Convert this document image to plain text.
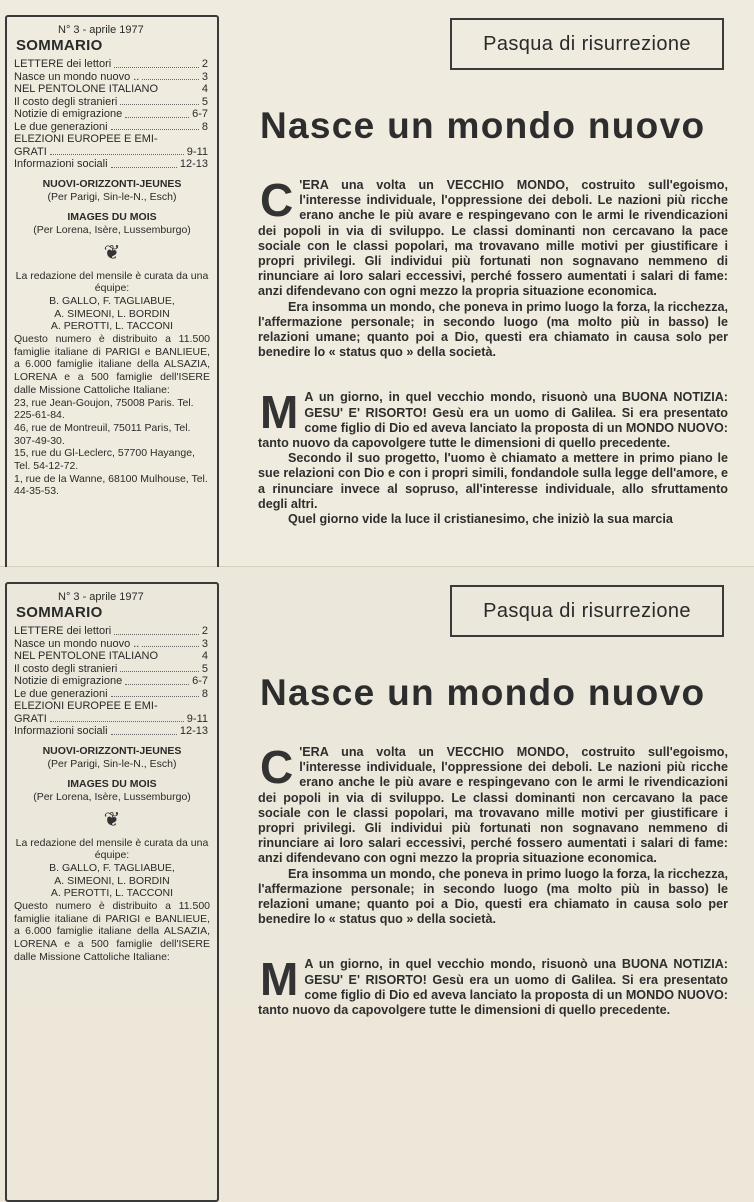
N° 3 - aprile 1977
SOMMARIO
LETTERE dei lettori	2
Nasce un mondo nuovo ..	3
NEL PENTOLONE ITALIANO	4
Il costo degli stranieri	5
Notizie di emigrazione	6-7
Le due generazioni	8
ELEZIONI EUROPEE E EMI-
GRATI	9-11
Informazioni sociali	12-13
NUOVI-ORIZZONTI-JEUNES
(Per Parigi, Sin-le-N., Esch)
IMAGES DU MOIS
(Per Lorena, Isère, Lussemburgo)
❦
La redazione del mensile è curata da una équipe:
B. GALLO, F. TAGLIABUE,
A. SIMEONI, L. BORDIN
A. PEROTTI, L. TACCONI
Questo numero è distribuito a 11.500 famiglie italiane di PARIGI e BANLIEUE, a 6.000 famiglie italiane della ALSAZIA, LORENA e a 500 famiglie dell'ISERE dalle Missione Cattoliche Italiane:
23, rue Jean-Goujon, 75008 Paris. Tel. 225-61-84.
46, rue de Montreuil, 75011 Paris, Tel. 307-49-30.
15, rue du Gl-Leclerc, 57700 Hayange, Tel. 54-12-72.
1, rue de la Wanne, 68100 Mulhouse, Tel. 44-35-53.
Pasqua di risurrezione
Nasce un mondo nuovo

C 'ERA una volta un VECCHIO MONDO, costruito sull'egoismo, l'interesse individuale, l'oppressione dei deboli. Le nazioni più ricche erano anche le più avare e respingevano con le armi le rivendicazioni dei popoli in via di sviluppo. Le classi dominanti non cercavano la pace sociale con le classi popolari, ma trovavano mille motivi per giustificare i propri privilegi. Gli individui più fortunati non sognavano nemmeno di rinunciare ai loro salari eccessivi, perché fossero aumentati i salari di fame: anzi difendevano con ogni mezzo la propria situazione economica.

Era insomma un mondo, che poneva in primo luogo la forza, la ricchezza, l'affermazione personale; in secondo luogo (ma molto più in basso) le relazioni umane; quanto poi a Dio, questi era chiamato in causa solo per benedire lo « status quo » della società.

M A un giorno, in quel vecchio mondo, risuonò una BUONA NOTIZIA: GESU' E' RISORTO! Gesù era un uomo di Galilea. Si era presentato come figlio di Dio ed aveva lanciato la proposta di un MONDO NUOVO: tanto nuovo da capovolgere tutte le dimensioni di quello precedente.

Secondo il suo progetto, l'uomo è chiamato a mettere in primo piano le sue relazioni con Dio e con i propri simili, fondandole sulla legge dell'amore, e a rinunciare invece al sopruso, all'interesse individuale, allo sfruttamento degli altri.

Quel giorno vide la luce il cristianesimo, che iniziò la sua marcia

N° 3 - aprile 1977
SOMMARIO
LETTERE dei lettori	2
Nasce un mondo nuovo ..	3
NEL PENTOLONE ITALIANO	4
Il costo degli stranieri	5
Notizie di emigrazione	6-7
Le due generazioni	8
ELEZIONI EUROPEE E EMI-
GRATI	9-11
Informazioni sociali	12-13
NUOVI-ORIZZONTI-JEUNES
(Per Parigi, Sin-le-N., Esch)
IMAGES DU MOIS
(Per Lorena, Isère, Lussemburgo)
❦
La redazione del mensile è curata da una équipe:
B. GALLO, F. TAGLIABUE,
A. SIMEONI, L. BORDIN
A. PEROTTI, L. TACCONI
Questo numero è distribuito a 11.500 famiglie italiane di PARIGI e BANLIEUE, a 6.000 famiglie italiane della ALSAZIA, LORENA e a 500 famiglie dell'ISERE dalle Missione Cattoliche Italiane:
Pasqua di risurrezione
Nasce un mondo nuovo

C 'ERA una volta un VECCHIO MONDO, costruito sull'egoismo, l'interesse individuale, l'oppressione dei deboli. Le nazioni più ricche erano anche le più avare e respingevano con le armi le rivendicazioni dei popoli in via di sviluppo. Le classi dominanti non cercavano la pace sociale con le classi popolari, ma trovavano mille motivi per giustificare i propri privilegi. Gli individui più fortunati non sognavano nemmeno di rinunciare ai loro salari eccessivi, perché fossero aumentati i salari di fame: anzi difendevano con ogni mezzo la propria situazione economica.

Era insomma un mondo, che poneva in primo luogo la forza, la ricchezza, l'affermazione personale; in secondo luogo (ma molto più in basso) le relazioni umane; quanto poi a Dio, questi era chiamato in causa solo per benedire lo « status quo » della società.

M A un giorno, in quel vecchio mondo, risuonò una BUONA NOTIZIA: GESU' E' RISORTO! Gesù era un uomo di Galilea. Si era presentato come figlio di Dio ed aveva lanciato la proposta di un MONDO NUOVO: tanto nuovo da capovolgere tutte le dimensioni di quello precedente.
